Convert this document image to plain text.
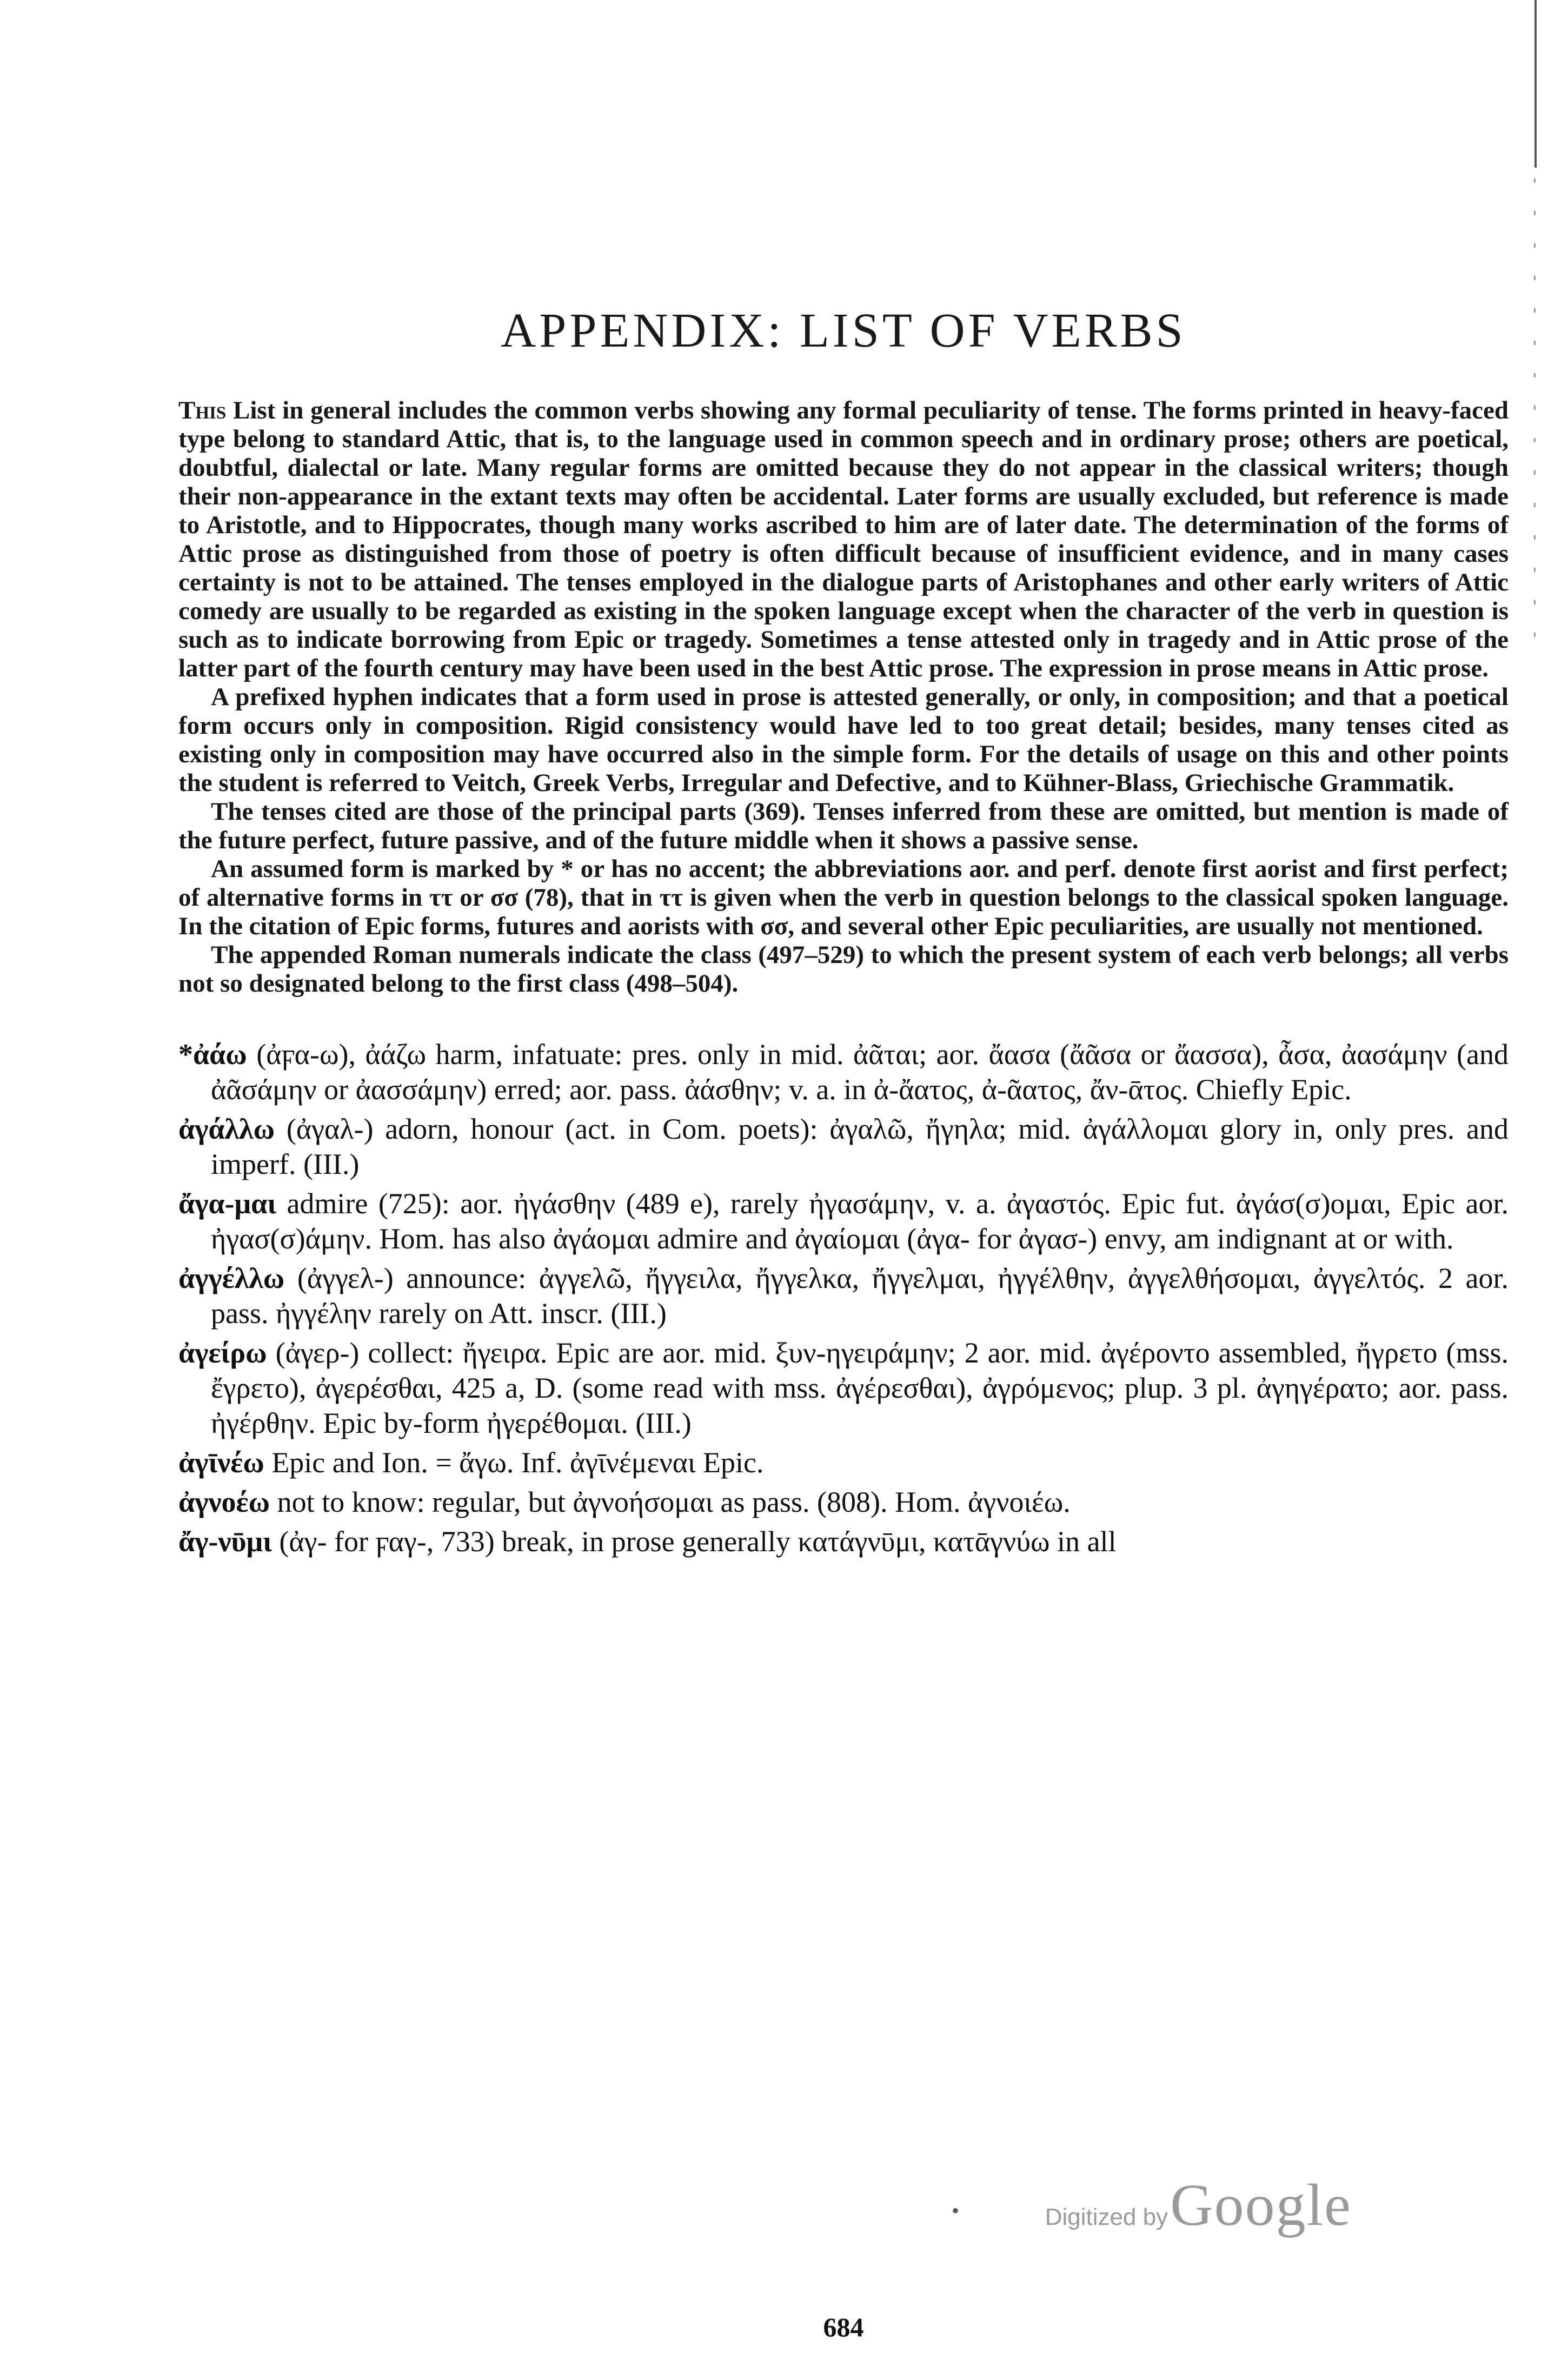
APPENDIX: LIST OF VERBS

This List in general includes the common verbs showing any formal peculiarity of tense. The forms printed in heavy-faced type belong to standard Attic, that is, to the language used in common speech and in ordinary prose; others are poetical, doubtful, dialectal or late. Many regular forms are omitted because they do not appear in the classical writers; though their non-appearance in the extant texts may often be accidental. Later forms are usually excluded, but reference is made to Aristotle, and to Hippocrates, though many works ascribed to him are of later date. The determination of the forms of Attic prose as distinguished from those of poetry is often difficult because of insufficient evidence, and in many cases certainty is not to be attained. The tenses employed in the dialogue parts of Aristophanes and other early writers of Attic comedy are usually to be regarded as existing in the spoken language except when the character of the verb in question is such as to indicate borrowing from Epic or tragedy. Sometimes a tense attested only in tragedy and in Attic prose of the latter part of the fourth century may have been used in the best Attic prose. The expression in prose means in Attic prose.

A prefixed hyphen indicates that a form used in prose is attested generally, or only, in composition; and that a poetical form occurs only in composition. Rigid consistency would have led to too great detail; besides, many tenses cited as existing only in composition may have occurred also in the simple form. For the details of usage on this and other points the student is referred to Veitch, Greek Verbs, Irregular and Defective, and to Kühner-Blass, Griechische Grammatik.

The tenses cited are those of the principal parts (369). Tenses inferred from these are omitted, but mention is made of the future perfect, future passive, and of the future middle when it shows a passive sense.

An assumed form is marked by * or has no accent; the abbreviations aor. and perf. denote first aorist and first perfect; of alternative forms in ττ or σσ (78), that in ττ is given when the verb in question belongs to the classical spoken language. In the citation of Epic forms, futures and aorists with σσ, and several other Epic peculiarities, are usually not mentioned.

The appended Roman numerals indicate the class (497–529) to which the present system of each verb belongs; all verbs not so designated belong to the first class (498–504).

*ἀάω (ἀϝα-ω), ἀάζω harm, infatuate: pres. only in mid. ἀᾶται; aor. ἄασα (ἄᾶσα or ἄασσα), ἆσα, ἀασάμην (and ἀᾶσάμην or ἀασσάμην) erred; aor. pass. ἀάσθην; v. a. in ἀ-ἄατος, ἀ-ᾶατος, ἄν-ᾱτος. Chiefly Epic.

ἀγάλλω (ἀγαλ-) adorn, honour (act. in Com. poets): ἀγαλῶ, ἤγηλα; mid. ἀγάλλομαι glory in, only pres. and imperf. (III.)

ἄγα-μαι admire (725): aor. ἠγάσθην (489 e), rarely ἠγασάμην, v. a. ἀγαστός. Epic fut. ἀγάσ(σ)ομαι, Epic aor. ἠγασ(σ)άμην. Hom. has also ἀγάομαι admire and ἀγαίομαι (ἀγα- for ἀγασ-) envy, am indignant at or with.

ἀγγέλλω (ἀγγελ-) announce: ἀγγελῶ, ἤγγειλα, ἤγγελκα, ἤγγελμαι, ἠγγέλθην, ἀγγελθήσομαι, ἀγγελτός. 2 aor. pass. ἠγγέλην rarely on Att. inscr. (III.)

ἀγείρω (ἀγερ-) collect: ἤγειρα. Epic are aor. mid. ξυν-ηγειράμην; 2 aor. mid. ἀγέροντο assembled, ἤγρετο (mss. ἔγρετο), ἀγερέσθαι, 425 a, D. (some read with mss. ἀγέρεσθαι), ἀγρόμενος; plup. 3 pl. ἀγηγέρατο; aor. pass. ἠγέρθην. Epic by-form ἠγερέθομαι. (III.)

ἀγῑνέω Epic and Ion. = ἄγω. Inf. ἀγῑνέμεναι Epic.

ἀγνοέω not to know: regular, but ἀγνοήσομαι as pass. (808). Hom. ἀγνοιέω.

ἄγ-νῡμι (ἀγ- for ϝαγ-, 733) break, in prose generally κατάγνῡμι, κατᾱγνύω in all

684
•	Digitized by Google
